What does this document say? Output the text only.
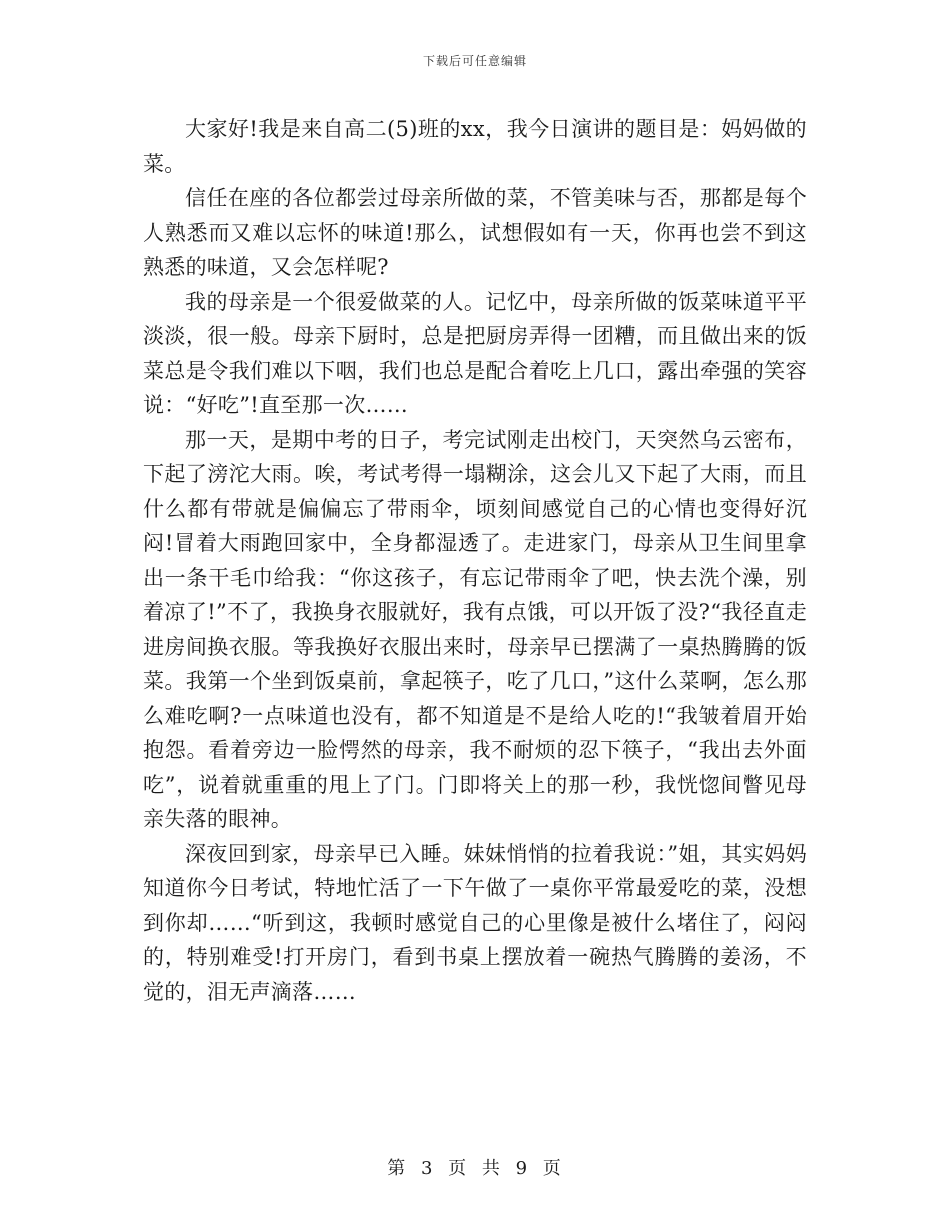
下载后可任意编辑

大家好!我是来自高二(5)班的xx，我今日演讲的题目是：妈妈做的菜。

信任在座的各位都尝过母亲所做的菜，不管美味与否，那都是每个人熟悉而又难以忘怀的味道!那么，试想假如有一天，你再也尝不到这熟悉的味道，又会怎样呢?

我的母亲是一个很爱做菜的人。记忆中，母亲所做的饭菜味道平平淡淡，很一般。母亲下厨时，总是把厨房弄得一团糟，而且做出来的饭菜总是令我们难以下咽，我们也总是配合着吃上几口，露出牵强的笑容说：“好吃”!直至那一次……

那一天，是期中考的日子，考完试刚走出校门，天突然乌云密布，下起了滂沱大雨。唉，考试考得一塌糊涂，这会儿又下起了大雨，而且什么都有带就是偏偏忘了带雨伞，顷刻间感觉自己的心情也变得好沉闷!冒着大雨跑回家中，全身都湿透了。走进家门，母亲从卫生间里拿出一条干毛巾给我：“你这孩子，有忘记带雨伞了吧，快去洗个澡，别着凉了!”不了，我换身衣服就好，我有点饿，可以开饭了没?“我径直走进房间换衣服。等我换好衣服出来时，母亲早已摆满了一桌热腾腾的饭菜。我第一个坐到饭桌前，拿起筷子，吃了几口，”这什么菜啊，怎么那么难吃啊?一点味道也没有，都不知道是不是给人吃的!“我皱着眉开始抱怨。看着旁边一脸愕然的母亲，我不耐烦的忍下筷子，“我出去外面吃”，说着就重重的甩上了门。门即将关上的那一秒，我恍惚间瞥见母亲失落的眼神。

深夜回到家，母亲早已入睡。妹妹悄悄的拉着我说：”姐，其实妈妈知道你今日考试，特地忙活了一下午做了一桌你平常最爱吃的菜，没想到你却……“听到这，我顿时感觉自己的心里像是被什么堵住了，闷闷的，特别难受!打开房门，看到书桌上摆放着一碗热气腾腾的姜汤，不觉的，泪无声滴落……

第 3 页 共 9 页
